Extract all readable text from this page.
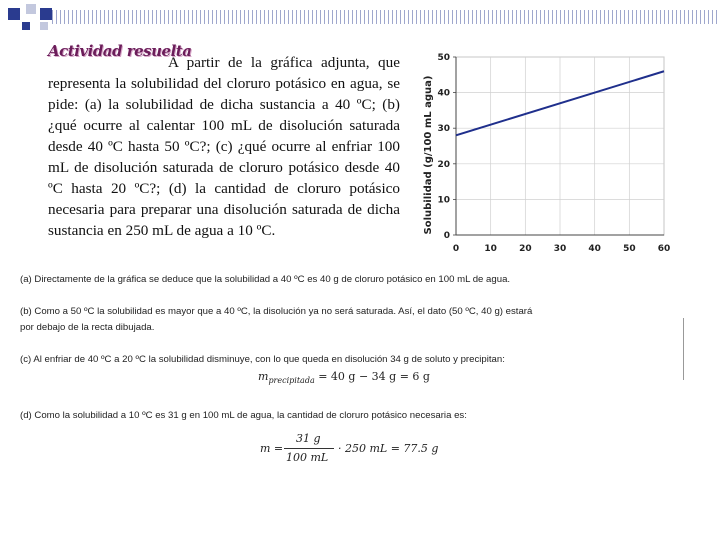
Actividad resuelta
A partir de la gráfica adjunta, que representa la solubilidad del cloruro potásico en agua, se pide: (a) la solubilidad de dicha sustancia a 40 ºC; (b) ¿qué ocurre al calentar 100 mL de disolución saturada desde 40 ºC hasta 50 ºC?; (c) ¿qué ocurre al enfriar 100 mL de disolución saturada de cloruro potásico desde 40 ºC hasta 20 ºC?; (d) la cantidad de cloruro potásico necesaria para preparar una disolución saturada de dicha sustancia en 250 mL de agua a 10 ºC.
0	10 20 30 40 50 60
0
10
20
30
40
50
Solubilidad (g/100 mL agua)
(a) Directamente de la gráfica se deduce que la solubilidad a 40 ºC es 40 g de cloruro potásico en 100 mL de agua.
(b) Como a 50 ºC la solubilidad es mayor que a 40 ºC, la disolución ya no será saturada. Así, el dato (50 ºC, 40 g) estará
por debajo de la recta dibujada.
(c) Al enfriar de 40 ºC a 20 ºC la solubilidad disminuye, con lo que queda en disolución 34 g de soluto y precipitan:
$m_{precipitada} = 40$ g − 34 g = 6 g
(d) Como la solubilidad a 10 ºC es 31 g en 100 mL de agua, la cantidad de cloruro potásico necesaria es:
m =
31 g
100 mL
· 250 mL = 77.5 g
